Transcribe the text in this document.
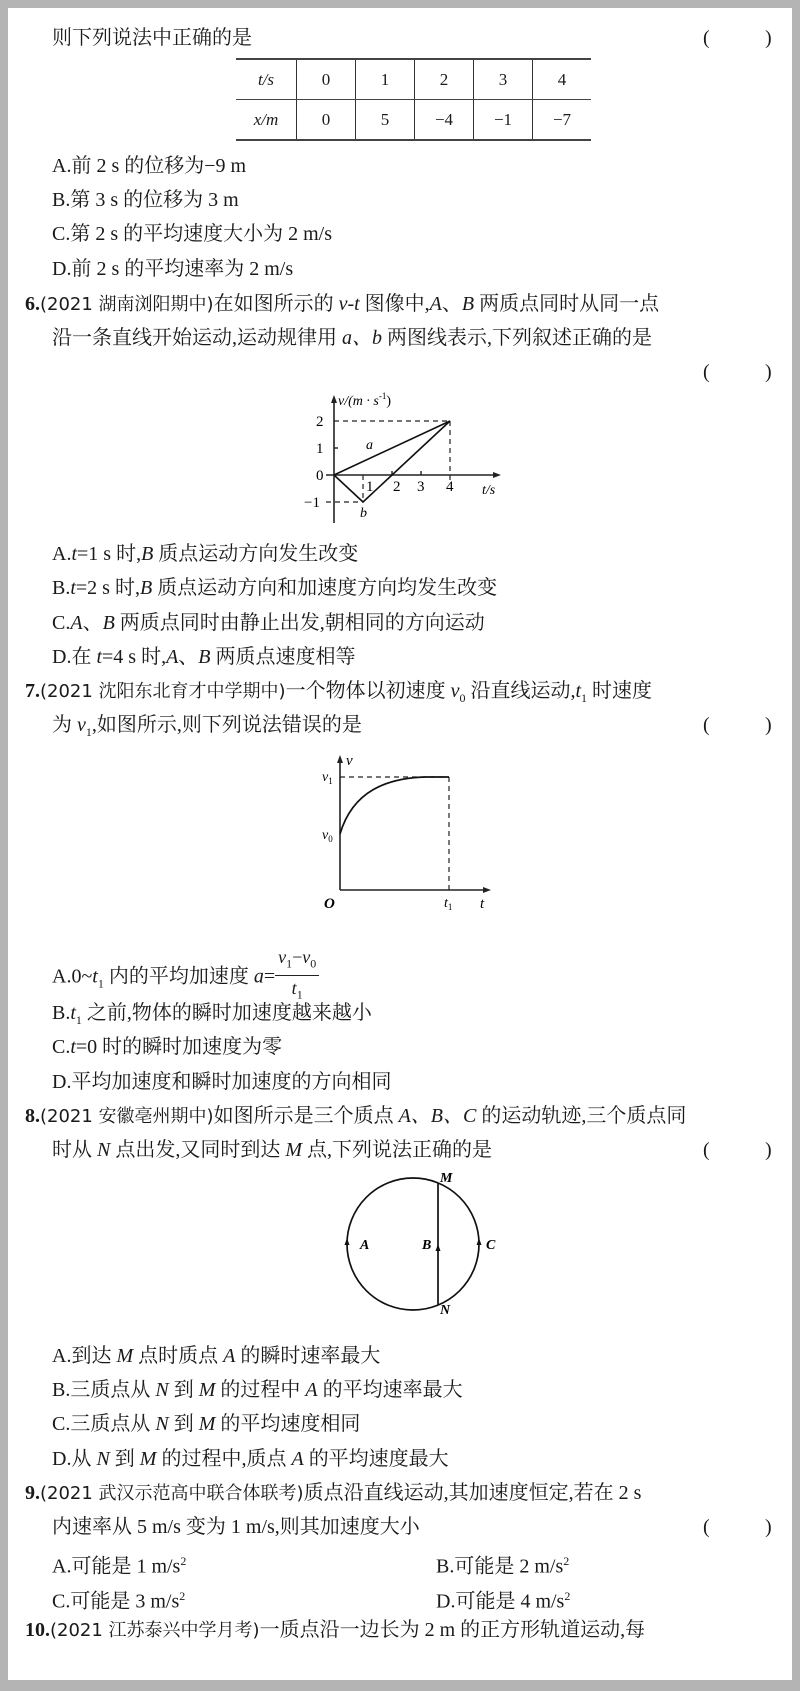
则下列说法中正确的是	(	)
t/s	0	1	2	3	4
x/m	0	5	−4	−1	−7
A.前 2 s 的位移为−9 m
B.第 3 s 的位移为 3 m
C.第 2 s 的平均速度大小为 2 m/s
D.前 2 s 的平均速率为 2 m/s
6.(2021 湖南浏阳期中)在如图所示的 v-t 图像中,A、B 两质点同时从同一点
沿一条直线开始运动,运动规律用 a、b 两图线表示,下列叙述正确的是
(	)
$v/(m \cdot s^{-1})$
2
1
0
−1
1 2 3 4 t/s
a
b
A.t=1 s 时,B 质点运动方向发生改变
B.t=2 s 时,B 质点运动方向和加速度方向均发生改变
C.A、B 两质点同时由静止出发,朝相同的方向运动
D.在 t=4 s 时,A、B 两质点速度相等
7.(2021 沈阳东北育才中学期中)一个物体以初速度 $v_0$ 沿直线运动$,t_1$ 时速度
为 $v_1$,如图所示,则下列说法错误的是	(	)
v
t
O
$v_1$
$v_0$
$t_1$
$A.0\sim t_1$ 内的平均加速度 $a= \frac{v_1-v_0}{t_1}$
$B.t_1$ 之前,物体的瞬时加速度越来越小
C.t=0 时的瞬时加速度为零
D.平均加速度和瞬时加速度的方向相同
8.(2021 安徽亳州期中)如图所示是三个质点 A、B、C 的运动轨迹,三个质点同
时从 N 点出发,又同时到达 M 点,下列说法正确的是	(	)
M
N
A	B	C
A.到达 M 点时质点 A 的瞬时速率最大
B.三质点从 N 到 M 的过程中 A 的平均速率最大
C.三质点从 N 到 M 的平均速度相同
D.从 N 到 M 的过程中,质点 A 的平均速度最大
9.(2021 武汉示范高中联合体联考)质点沿直线运动,其加速度恒定,若在 2 s
内速率从 5 m/s 变为 1 m/s,则其加速度大小	(	)
A.可能是 1 $m/s^2$	B.可能是 2 $m/s^2$
C.可能是 3 $m/s^2$	D.可能是 4 $m/s^2$
10.(2021 江苏泰兴中学月考)一质点沿一边长为 2 m 的正方形轨道运动,每
